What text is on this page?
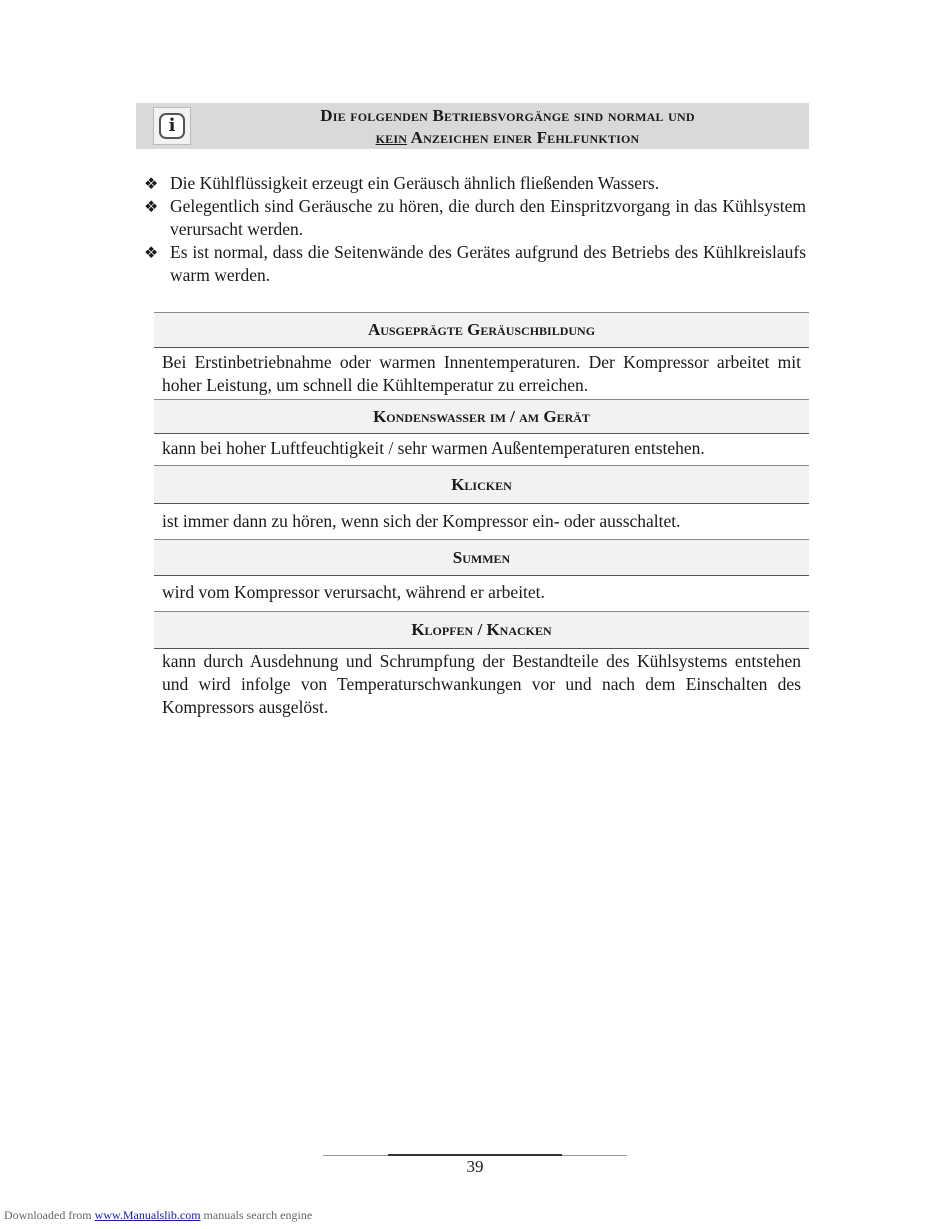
i	Die folgenden Betriebsvorgänge sind normal und
kein Anzeichen einer Fehlfunktion
❖ Die Kühlflüssigkeit erzeugt ein Geräusch ähnlich fließenden Wassers.
❖ Gelegentlich sind Geräusche zu hören, die durch den Einspritzvorgang in das Kühlsystem verursacht werden.
❖ Es ist normal, dass die Seitenwände des Gerätes aufgrund des Betriebs des Kühlkreislaufs warm werden.
Ausgeprägte Geräuschbildung
Bei Erstinbetriebnahme oder warmen Innentemperaturen. Der Kompressor arbeitet mit hoher Leistung, um schnell die Kühltemperatur zu erreichen.
Kondenswasser im / am Gerät
kann bei hoher Luftfeuchtigkeit / sehr warmen Außentemperaturen entstehen.
Klicken
ist immer dann zu hören, wenn sich der Kompressor ein- oder ausschaltet.
Summen
wird vom Kompressor verursacht, während er arbeitet.
Klopfen / Knacken
kann durch Ausdehnung und Schrumpfung der Bestandteile des Kühlsystems entstehen und wird infolge von Temperaturschwankungen vor und nach dem Einschalten des Kompressors ausgelöst.
39
Downloaded from www.Manualslib.com manuals search engine
